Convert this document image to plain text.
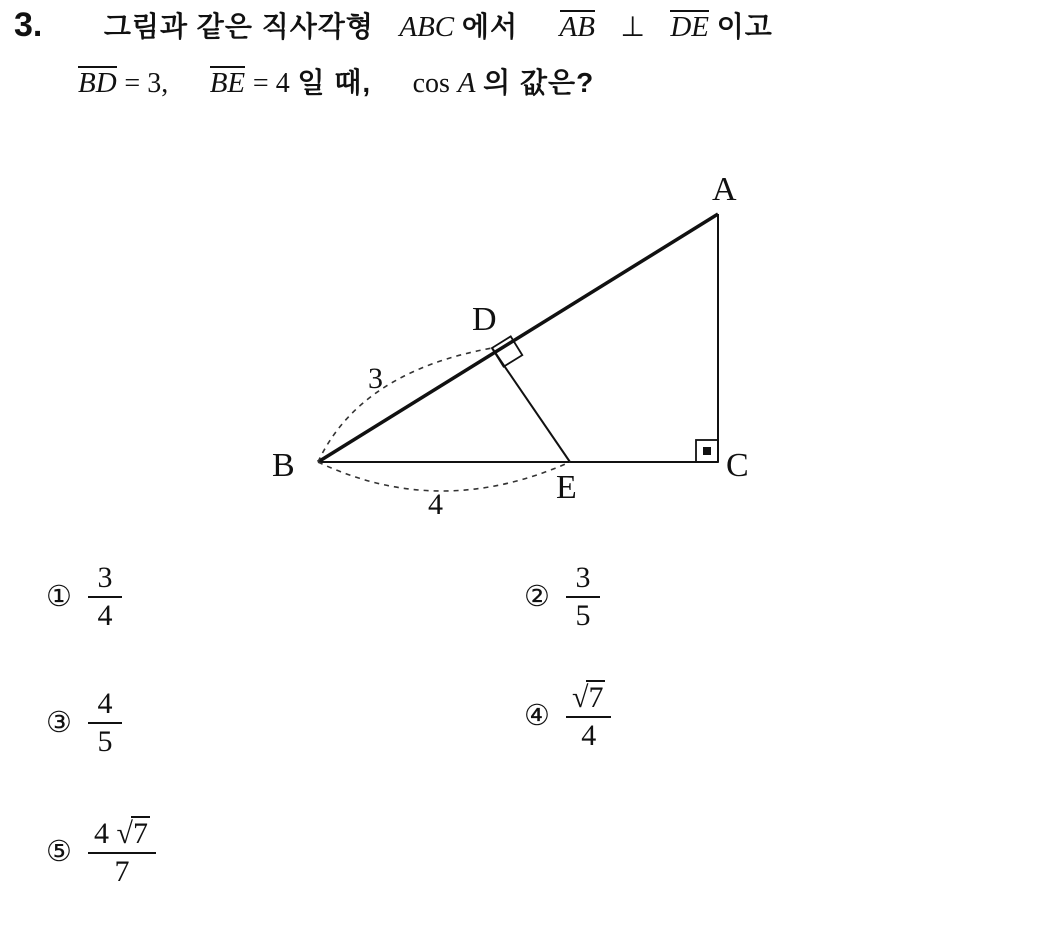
3. 그림과 같은 직사각형 ABC 에서 AB ⊥ DE 이고
BD = 3, BE = 4 일 때, cos A 의 값은?
A
B	C
D
E
3
4
① $\frac{3}{4}$	② $\frac{3}{5}$
③ $\frac{4}{5}$	④ $\frac{√7}{4}$
⑤ $\frac{4 √7}{7}$
